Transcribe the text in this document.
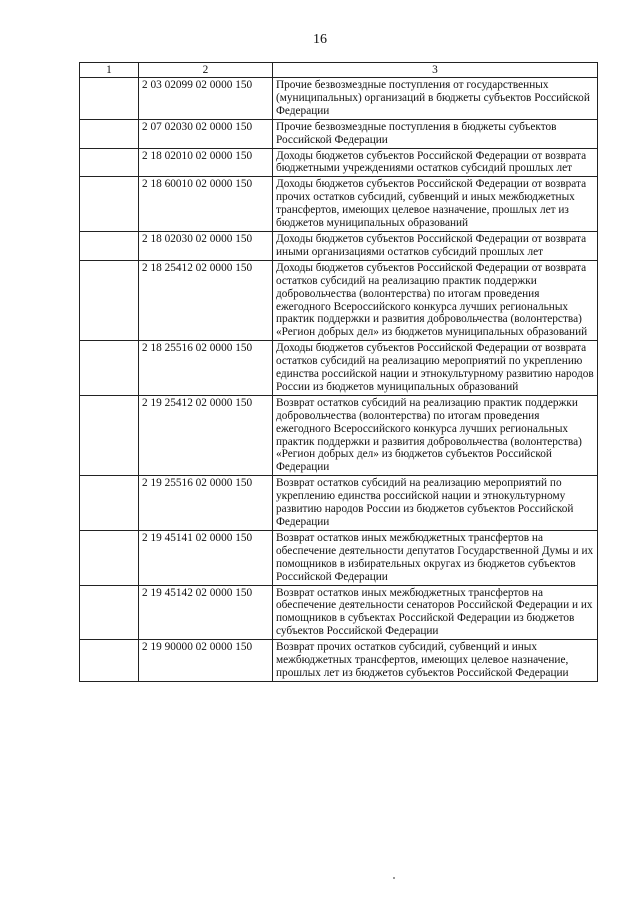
16
1	2	3
	2 03 02099 02 0000 150	Прочие безвозмездные поступления от государственных (муниципальных) организаций в бюджеты субъектов Российской Федерации
	2 07 02030 02 0000 150	Прочие безвозмездные поступления в бюджеты субъектов Российской Федерации
	2 18 02010 02 0000 150	Доходы бюджетов субъектов Российской Федерации от возврата бюджетными учреждениями остатков субсидий прошлых лет
	2 18 60010 02 0000 150	Доходы бюджетов субъектов Российской Федерации от возврата прочих остатков субсидий, субвенций и иных межбюджетных трансфертов, имеющих целевое назначение, прошлых лет из бюджетов муниципальных образований
	2 18 02030 02 0000 150	Доходы бюджетов субъектов Российской Федерации от возврата иными организациями остатков субсидий прошлых лет
	2 18 25412 02 0000 150	Доходы бюджетов субъектов Российской Федерации от возврата остатков субсидий на реализацию практик поддержки добровольчества (волонтерства) по итогам проведения ежегодного Всероссийского конкурса лучших региональных практик поддержки и развития добровольчества (волонтерства) «Регион добрых дел» из бюджетов муниципальных образований
	2 18 25516 02 0000 150	Доходы бюджетов субъектов Российской Федерации от возврата остатков субсидий на реализацию мероприятий по укреплению единства российской нации и этнокультурному развитию народов России из бюджетов муниципальных образований
	2 19 25412 02 0000 150	Возврат остатков субсидий на реализацию практик поддержки добровольчества (волонтерства) по итогам проведения ежегодного Всероссийского конкурса лучших региональных практик поддержки и развития добровольчества (волонтерства) «Регион добрых дел» из бюджетов субъектов Российской Федерации
	2 19 25516 02 0000 150	Возврат остатков субсидий на реализацию мероприятий по укреплению единства российской нации и этнокультурному развитию народов России из бюджетов субъектов Российской Федерации
	2 19 45141 02 0000 150	Возврат остатков иных межбюджетных трансфертов на обеспечение деятельности депутатов Государственной Думы и их помощников в избирательных округах из бюджетов субъектов Российской Федерации
	2 19 45142 02 0000 150	Возврат остатков иных межбюджетных трансфертов на обеспечение деятельности сенаторов Российской Федерации и их помощников в субъектах Российской Федерации из бюджетов субъектов Российской Федерации
	2 19 90000 02 0000 150	Возврат прочих остатков субсидий, субвенций и иных межбюджетных трансфертов, имеющих целевое назначение, прошлых лет из бюджетов субъектов Российской Федерации
